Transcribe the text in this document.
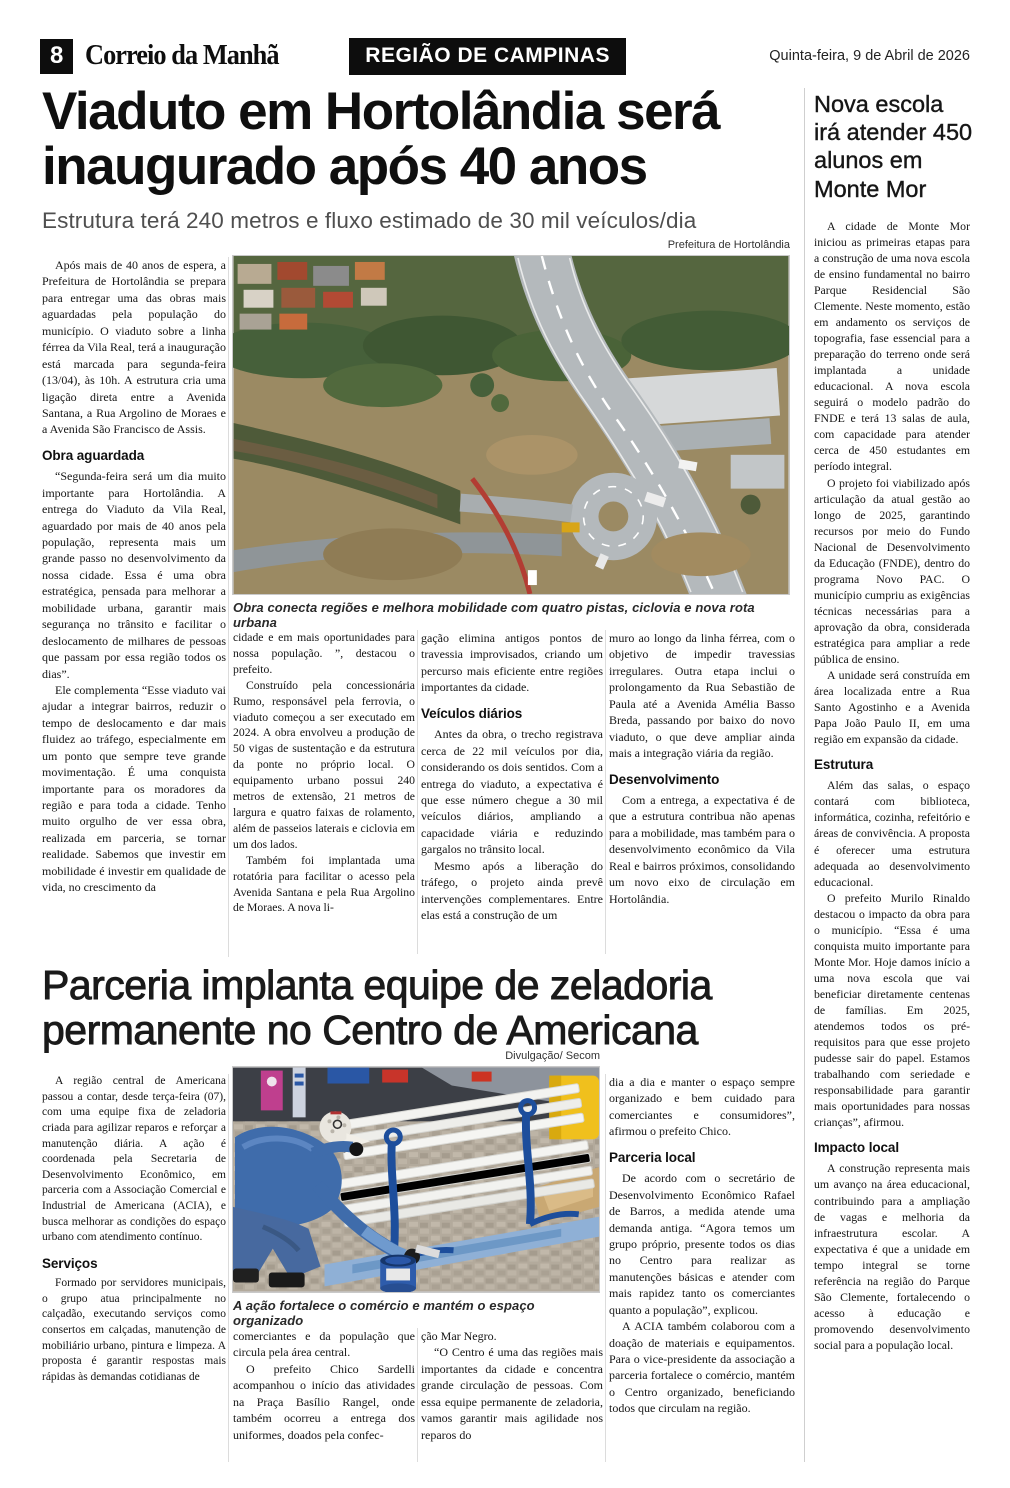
8 Correio da Manhã	REGIÃO DE CAMPINAS	Quinta-feira, 9 de Abril de 2026
Viaduto em Hortolândia será inaugurado após 40 anos
Estrutura terá 240 metros e fluxo estimado de 30 mil veículos/dia
Nova escola irá atender 450 alunos em Monte Mor
Prefeitura de Hortolândia
Obra conecta regiões e melhora mobilidade com quatro pistas, ciclovia e nova rota urbana

Após mais de 40 anos de espera, a Prefeitura de Hortolândia se prepara para entregar uma das obras mais aguardadas pela população do município. O viaduto sobre a linha férrea da Vila Real, terá a inauguração está marcada para segunda-feira (13/04), às 10h. A estrutura cria uma ligação direta entre a Avenida Santana, a Rua Argolino de Moraes e a Avenida São Francisco de Assis.

Obra aguardada

“Segunda-feira será um dia muito importante para Hortolândia. A entrega do Viaduto da Vila Real, aguardado por mais de 40 anos pela população, representa mais um grande passo no desenvolvimento da nossa cidade. Essa é uma obra estratégica, pensada para melhorar a mobilidade urbana, garantir mais segurança no trânsito e facilitar o deslocamento de milhares de pessoas que passam por essa região todos os dias”.

Ele complementa “Esse viaduto vai ajudar a integrar bairros, reduzir o tempo de deslocamento e dar mais fluidez ao tráfego, especialmente em um ponto que sempre teve grande movimentação. É uma conquista importante para os moradores da região e para toda a cidade. Tenho muito orgulho de ver essa obra, realizada em parceria, se tornar realidade. Sabemos que investir em mobilidade é investir em qualidade de vida, no crescimento da

cidade e em mais oportunidades para nossa população. ”, destacou o prefeito.

Construído pela concessionária Rumo, responsável pela ferrovia, o viaduto começou a ser executado em 2024. A obra envolveu a produção de 50 vigas de sustentação e da estrutura da ponte no próprio local. O equipamento urbano possui 240 metros de extensão, 21 metros de largura e quatro faixas de rolamento, além de passeios laterais e ciclovia em um dos lados.

Também foi implantada uma rotatória para facilitar o acesso pela Avenida Santana e pela Rua Argolino de Moraes. A nova li-

gação elimina antigos pontos de travessia improvisados, criando um percurso mais eficiente entre regiões importantes da cidade.

Veículos diários

Antes da obra, o trecho registrava cerca de 22 mil veículos por dia, considerando os dois sentidos. Com a entrega do viaduto, a expectativa é que esse número chegue a 30 mil veículos diários, ampliando a capacidade viária e reduzindo gargalos no trânsito local.

Mesmo após a liberação do tráfego, o projeto ainda prevê intervenções complementares. Entre elas está a construção de um

muro ao longo da linha férrea, com o objetivo de impedir travessias irregulares. Outra etapa inclui o prolongamento da Rua Sebastião de Paula até a Avenida Amélia Basso Breda, passando por baixo do novo viaduto, o que deve ampliar ainda mais a integração viária da região.

Desenvolvimento

Com a entrega, a expectativa é de que a estrutura contribua não apenas para a mobilidade, mas também para o desenvolvimento econômico da Vila Real e bairros próximos, consolidando um novo eixo de circulação em Hortolândia.

A cidade de Monte Mor iniciou as primeiras etapas para a construção de uma nova escola de ensino fundamental no bairro Parque Residencial São Clemente. Neste momento, estão em andamento os serviços de topografia, fase essencial para a preparação do terreno onde será implantada a unidade educacional. A nova escola seguirá o modelo padrão do FNDE e terá 13 salas de aula, com capacidade para atender cerca de 450 estudantes em período integral.

O projeto foi viabilizado após articulação da atual gestão ao longo de 2025, garantindo recursos por meio do Fundo Nacional de Desenvolvimento da Educação (FNDE), dentro do programa Novo PAC. O município cumpriu as exigências técnicas necessárias para a aprovação da obra, considerada estratégica para ampliar a rede pública de ensino.

A unidade será construída em área localizada entre a Rua Santo Agostinho e a Avenida Papa João Paulo II, em uma região em expansão da cidade.

Estrutura

Além das salas, o espaço contará com biblioteca, informática, cozinha, refeitório e áreas de convivência. A proposta é oferecer uma estrutura adequada ao desenvolvimento educacional.

O prefeito Murilo Rinaldo destacou o impacto da obra para o município. “Essa é uma conquista muito importante para Monte Mor. Hoje damos início a uma nova escola que vai beneficiar diretamente centenas de famílias. Em 2025, atendemos todos os pré-requisitos para que esse projeto pudesse sair do papel. Estamos trabalhando com seriedade e responsabilidade para garantir mais oportunidades para nossas crianças”, afirmou.

Impacto local

A construção representa mais um avanço na área educacional, contribuindo para a ampliação de vagas e melhoria da infraestrutura escolar. A expectativa é que a unidade em tempo integral se torne referência na região do Parque São Clemente, fortalecendo o acesso à educação e promovendo desenvolvimento social para a população local.

Parceria implanta equipe de zeladoria permanente no Centro de Americana
Divulgação/ Secom
A ação fortalece o comércio e mantém o espaço organizado

A região central de Americana passou a contar, desde terça-feira (07), com uma equipe fixa de zeladoria criada para agilizar reparos e reforçar a manutenção diária. A ação é coordenada pela Secretaria de Desenvolvimento Econômico, em parceria com a Associação Comercial e Industrial de Americana (ACIA), e busca melhorar as condições do espaço urbano com atendimento contínuo.

Serviços

Formado por servidores municipais, o grupo atua principalmente no calçadão, executando serviços como consertos em calçadas, manutenção de mobiliário urbano, pintura e limpeza. A proposta é garantir respostas mais rápidas às demandas cotidianas de

comerciantes e da população que circula pela área central.

O prefeito Chico Sardelli acompanhou o início das atividades na Praça Basílio Rangel, onde também ocorreu a entrega dos uniformes, doados pela confec-

ção Mar Negro.

“O Centro é uma das regiões mais importantes da cidade e concentra grande circulação de pessoas. Com essa equipe permanente de zeladoria, vamos garantir mais agilidade nos reparos do

dia a dia e manter o espaço sempre organizado e bem cuidado para comerciantes e consumidores”, afirmou o prefeito Chico.

Parceria local

De acordo com o secretário de Desenvolvimento Econômico Rafael de Barros, a medida atende uma demanda antiga. “Agora temos um grupo próprio, presente todos os dias no Centro para realizar as manutenções básicas e atender com mais rapidez tanto os comerciantes quanto a população”, explicou.

A ACIA também colaborou com a doação de materiais e equipamentos. Para o vice-presidente da associação a parceria fortalece o comércio, mantém o Centro organizado, beneficiando todos que circulam na região.
